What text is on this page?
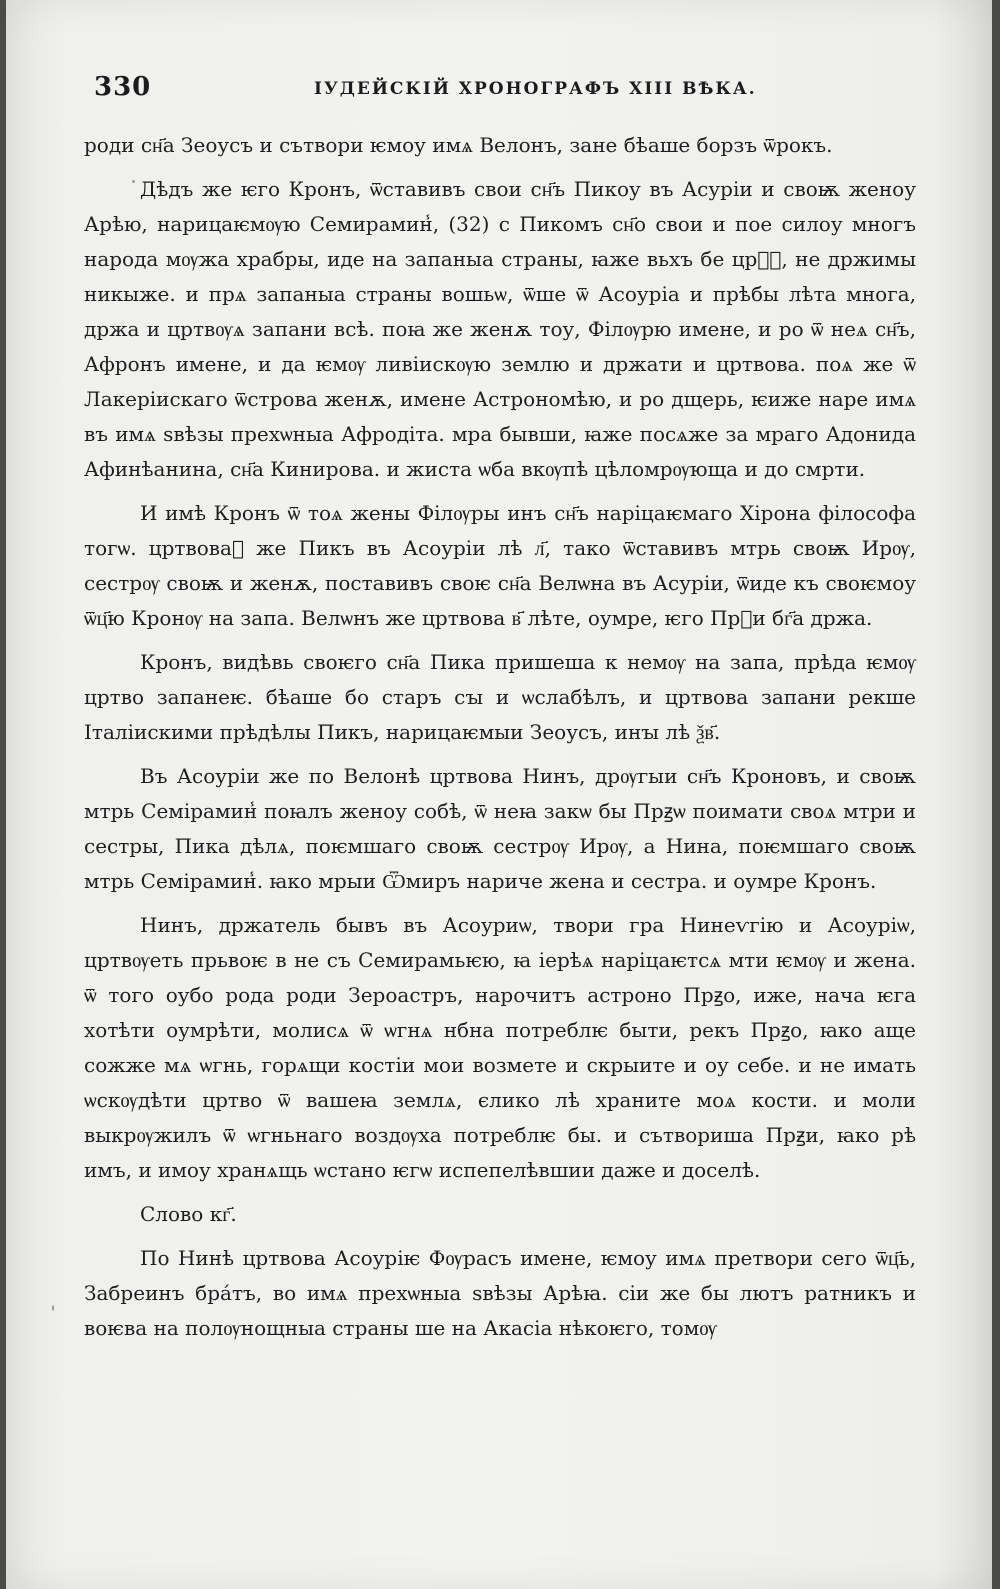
330	ІУДЕЙСКІЙ ХРОНОГРАФЪ XIII ВѢКА.

роди сн҃а Зеоусъ и сътвори ѥмоу имѧ Велонъ, зане бѣаше борзъ ѿрокъ.

Дѣдъ же ѥго Кронъ, ѿставивъ свои сн҃ъ Пикоу въ Асуріи и своѭ женоу Арѣю, нарицаѥмѹю Семирамин̾, (32) с Пикомъ сн҃о свои и пое силоу многъ народа мѹжа храбры, иде на запаныа страны, ꙗже вьхъ бе црⷭ҇, не држимы никыже. и прѧ запаныа страны вошьѡ, ѿше ѿ Асоуріа и прѣбы лѣта многа, држа и цртвѹѧ запани всѣ. поꙗ же женѫ тоу, Філѹрю имене, и ро ѿ неѧ сн҃ъ, Афронъ имене, и да ѥмѹ ливіискѹю землю и држати и цртвова. поѧ же ѿ Лакеріискаго ѿстрова женѫ, имене Астрономѣю, и ро дщерь, ѥиже наре имѧ въ имѧ ѕвѣзы прехѡныа Афродіта. мра бывши, ꙗже посѧже за мраго Адонида Афинѣанина, сн҃а Кинирова. и жиста ѡба вкѹпѣ цѣломрѹюща и до смрти.

И имѣ Кронъ ѿ тоѧ жены Філѹры инъ сн҃ъ наріцаѥмаго Хірона філософа тогѡ. цртвоваⷡ же Пикъ въ Асоуріи лѣ л҃, тако ѿставивъ мтрь своѭ Ирѹ, сестрѹ своѭ и женѫ, поставивъ своѥ сн҃а Велѡна въ Асуріи, ѿиде къ своѥмоу ѿц҃ю Кронѹ на запа. Велѡнъ же цртвова в҃ лѣте, оумре, ѥго Прꙃи бг҃а држа.

Кронъ, видѣвь своѥго сн҃а Пика пришеша к немѹ на запа, прѣда ѥмѹ цртво запанеѥ. бѣаше бо старъ сꙑ и ѡслабѣлъ, и цртвова запани рекше Італіискими прѣдѣлы Пикъ, нарицаѥмыи Зеоусъ, инꙑ лѣ ѯв҃.

Въ Асоуріи же по Велонѣ цртвова Нинъ, дрѹгыи сн҃ъ Кроновъ, и своѭ мтрь Семірамин̾ поꙗлъ женоу собѣ, ѿ неꙗ закѡ бы Прꙃѡ поимати своѧ мтри и сестры, Пика дѣлѧ, поѥмшаго своѭ сестрѹ Ирѹ, а Нина, поѥмшаго своѭ мтрь Семірамин̾. ꙗко мрыи Ѿмиръ нариче жена и сестра. и оумре Кронъ.

Нинъ, држатель бывъ въ Асоуриѡ, твори гра Нинеѵгію и Асоуріѡ, цртвѹеть прьвоѥ в не съ Семирамьѥю, ꙗ іерѣѧ наріцаѥтсѧ мти ѥмѹ и жена. ѿ того оубо рода роди Зероастръ, нарочитъ астроно Прꙃо, иже, нача ѥга хотѣти оумрѣти, молисѧ ѿ ѡгнѧ нбна потреблѥ быти, рекъ Прꙃо, ꙗко аще сожже мѧ ѡгнь, горѧщи костіи мои возмете и скрыите и оу себе. и не имать ѡскѹдѣти цртво ѿ вашеꙗ землѧ, єлико лѣ храните моѧ кости. и моли выкрѹжилъ ѿ ѡгньнаго воздѹха потреблѥ бы. и сътвориша Прꙃи, ꙗко рѣ имъ, и имоу хранѧщь ѡстано ѥгѡ испепелѣвшии даже и доселѣ.

Слово кг҃.

По Нинѣ цртвова Асоуріѥ Фѹрасъ имене, ѥмоу имѧ претвори сего ѿц҃ь, Забреинъ бра́тъ, во имѧ прехѡныа ѕвѣзы Арѣꙗ. сіи же бы лютъ ратникъ и воѥва на полѹнощныа страны ше на Акасіа нѣкоѥго, томѹ
